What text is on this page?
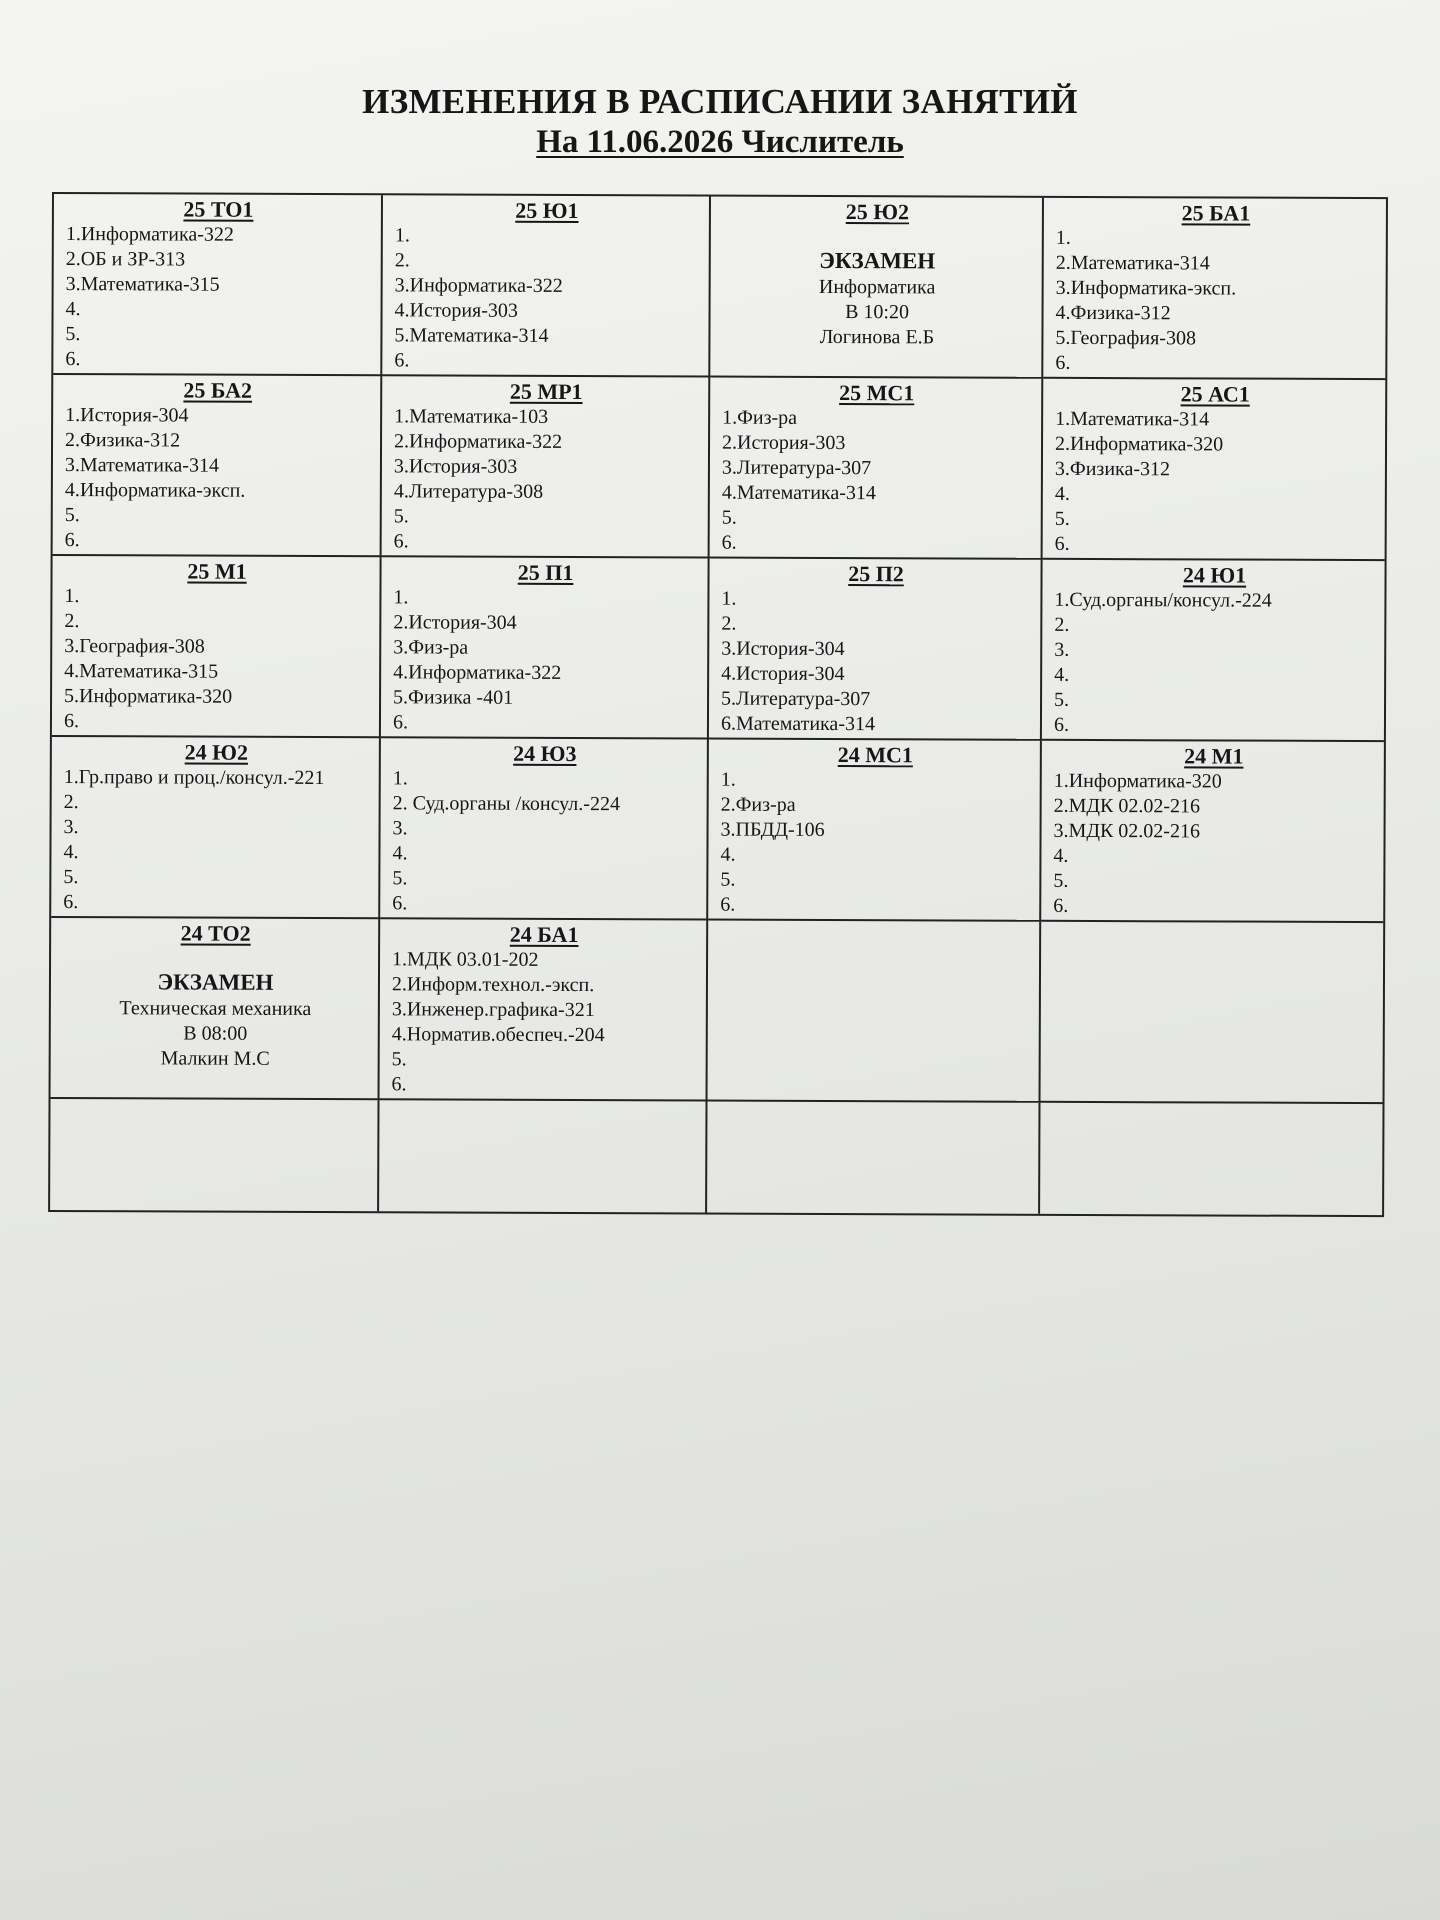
ИЗМЕНЕНИЯ В РАСПИСАНИИ ЗАНЯТИЙ
На 11.06.2026 Числитель
25 ТО1
1.Информатика-322
2.ОБ и ЗР-313
3.Математика-315
4.
5.
6.
25 Ю1
1.
2.
3.Информатика-322
4.История-303
5.Математика-314
6.
25 Ю2
ЭКЗАМЕН
Информатика
В 10:20
Логинова Е.Б
25 БА1
1.
2.Математика-314
3.Информатика-эксп.
4.Физика-312
5.География-308
6.
25 БА2
1.История-304
2.Физика-312
3.Математика-314
4.Информатика-эксп.
5.
6.
25 МР1
1.Математика-103
2.Информатика-322
3.История-303
4.Литература-308
5.
6.
25 МС1
1.Физ-ра
2.История-303
3.Литература-307
4.Математика-314
5.
6.
25 АС1
1.Математика-314
2.Информатика-320
3.Физика-312
4.
5.
6.
25 М1
1.
2.
3.География-308
4.Математика-315
5.Информатика-320
6.
25 П1
1.
2.История-304
3.Физ-ра
4.Информатика-322
5.Физика -401
6.
25 П2
1.
2.
3.История-304
4.История-304
5.Литература-307
6.Математика-314
24 Ю1
1.Суд.органы/консул.-224
2.
3.
4.
5.
6.
24 Ю2
1.Гр.право и проц./консул.-221
2.
3.
4.
5.
6.
24 Ю3
1.
2. Суд.органы /консул.-224
3.
4.
5.
6.
24 МС1
1.
2.Физ-ра
3.ПБДД-106
4.
5.
6.
24 М1
1.Информатика-320
2.МДК 02.02-216
3.МДК 02.02-216
4.
5.
6.
24 ТО2
ЭКЗАМЕН
Техническая механика
В 08:00
Малкин М.С
24 БА1
1.МДК 03.01-202
2.Информ.технол.-эксп.
3.Инженер.графика-321
4.Норматив.обеспеч.-204
5.
6.
